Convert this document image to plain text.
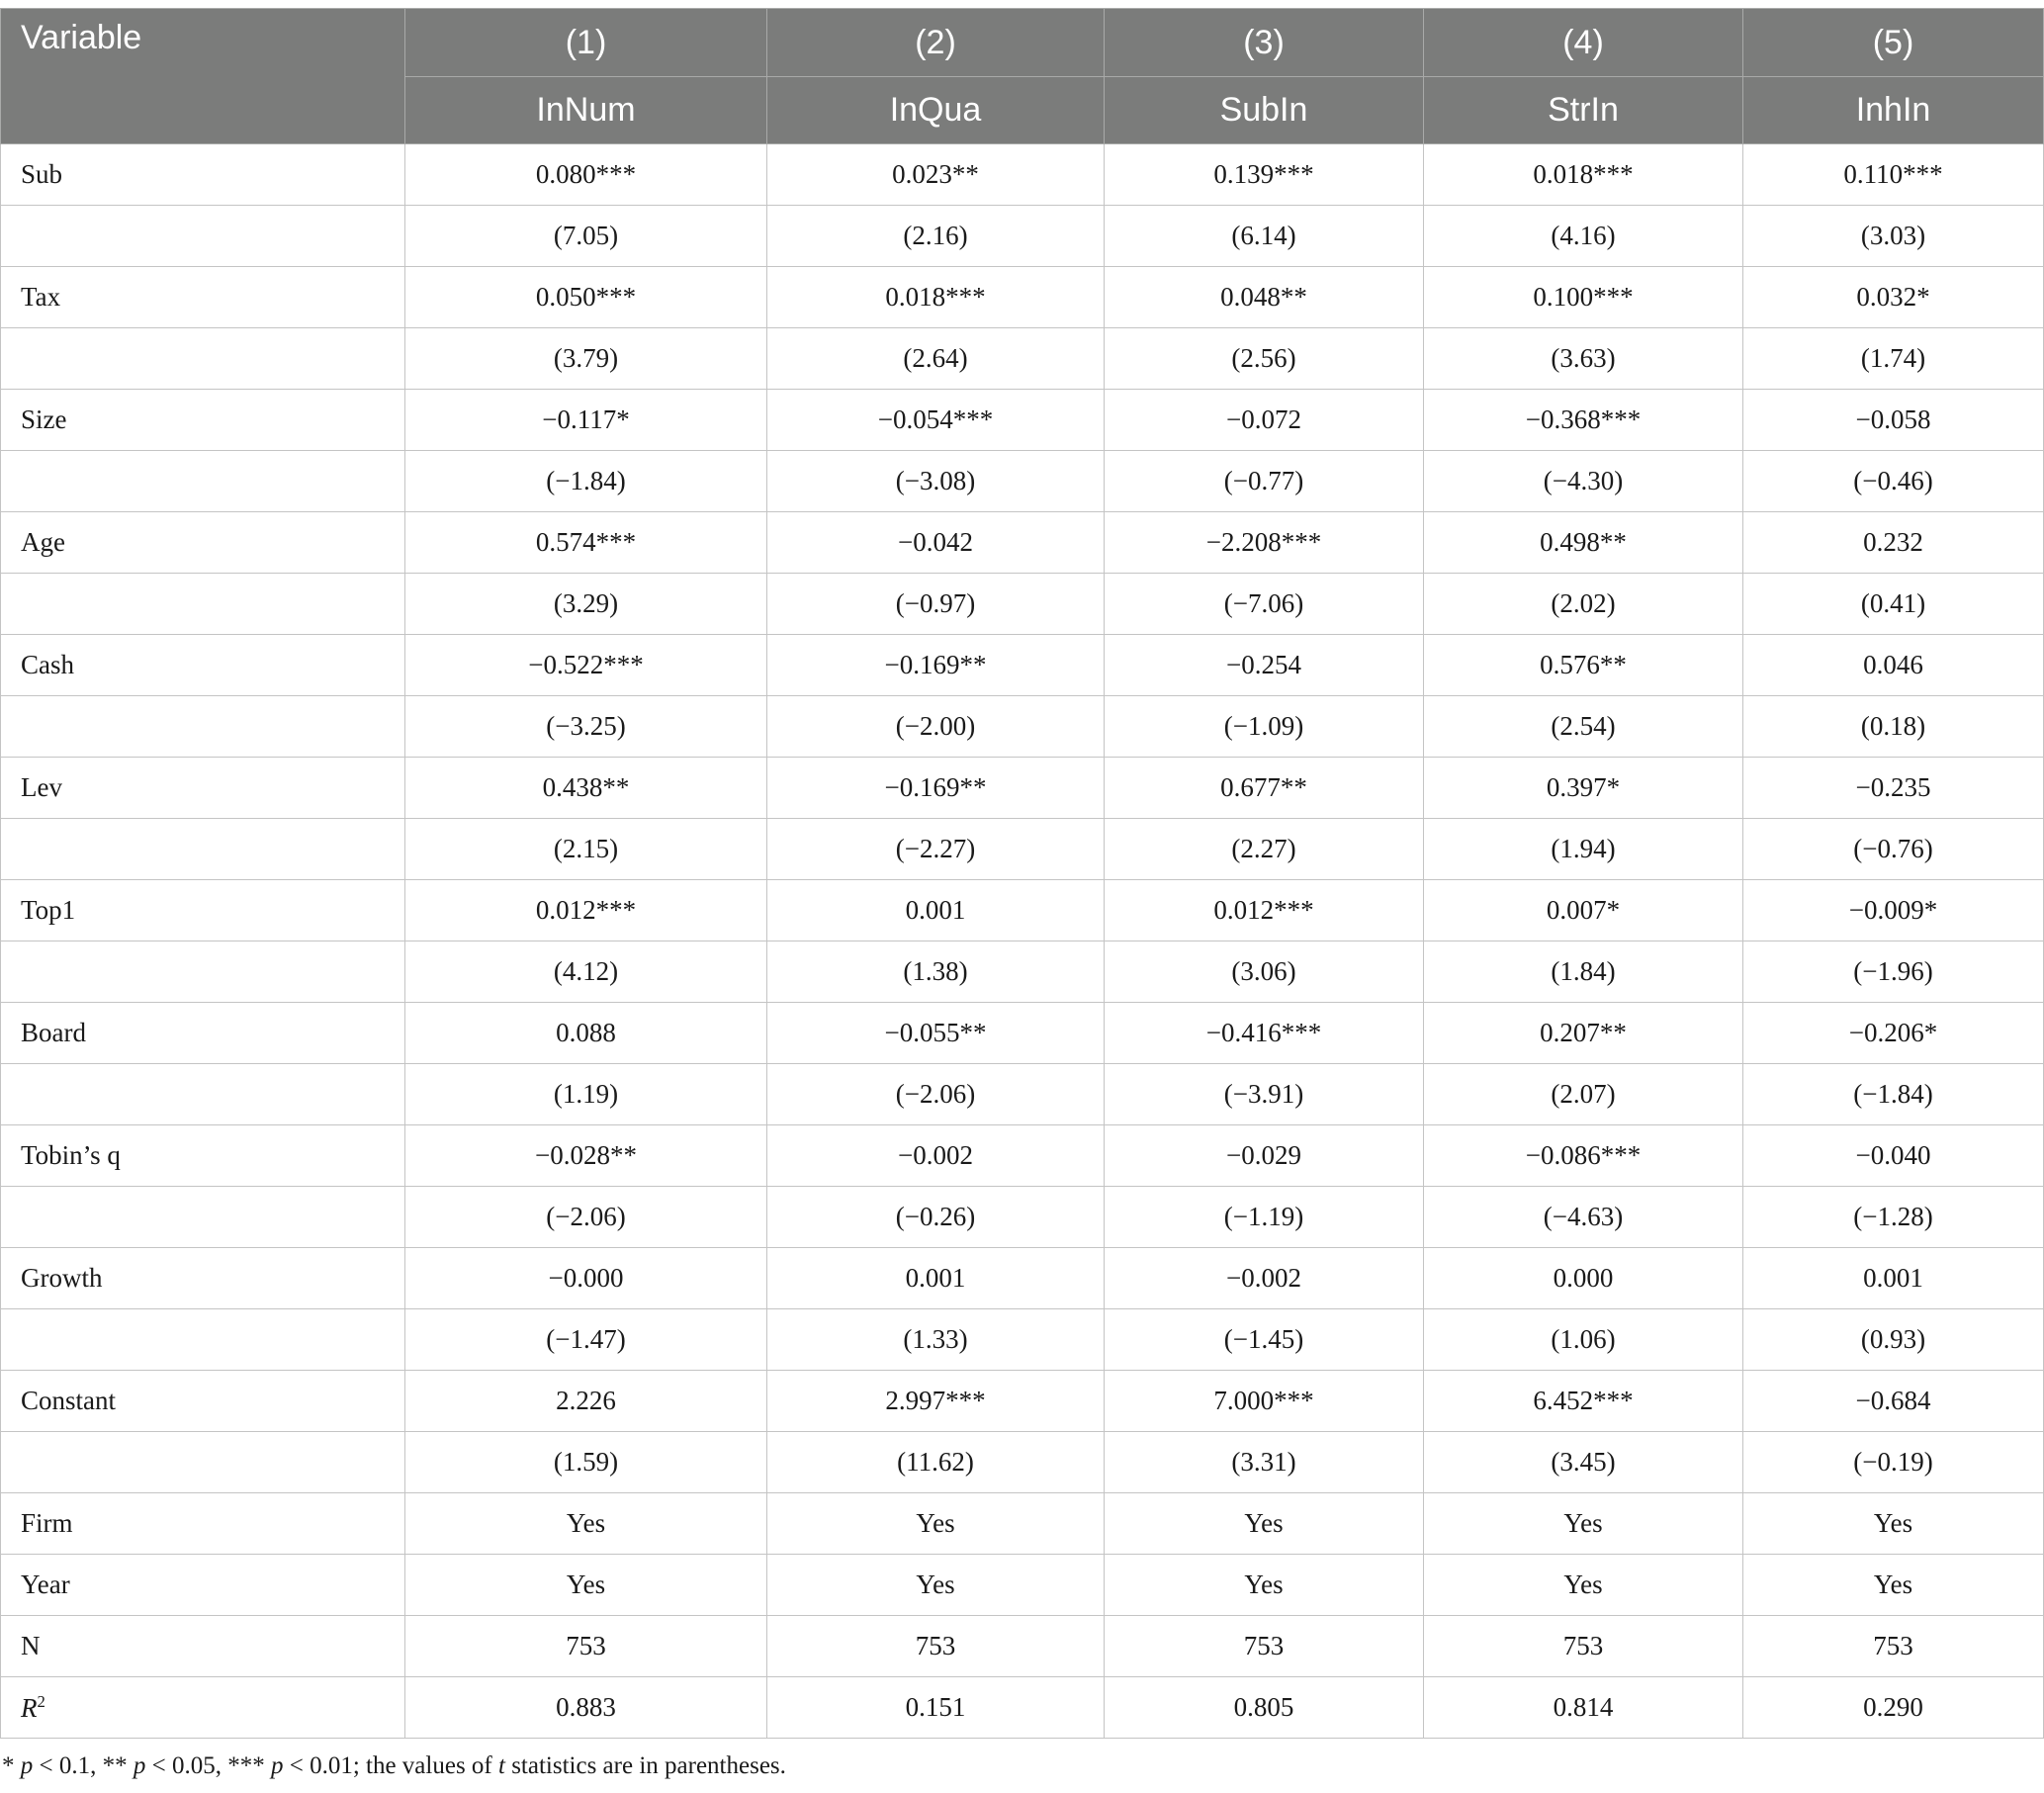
Variable	(1)	(2)	(3)	(4)	(5)
	InNum	InQua	SubIn	StrIn	InhIn
Sub	0.080***	0.023**	0.139***	0.018***	0.110***
	(7.05)	(2.16)	(6.14)	(4.16)	(3.03)
Tax	0.050***	0.018***	0.048**	0.100***	0.032*
	(3.79)	(2.64)	(2.56)	(3.63)	(1.74)
Size	−0.117*	−0.054***	−0.072	−0.368***	−0.058
	(−1.84)	(−3.08)	(−0.77)	(−4.30)	(−0.46)
Age	0.574***	−0.042	−2.208***	0.498**	0.232
	(3.29)	(−0.97)	(−7.06)	(2.02)	(0.41)
Cash	−0.522***	−0.169**	−0.254	0.576**	0.046
	(−3.25)	(−2.00)	(−1.09)	(2.54)	(0.18)
Lev	0.438**	−0.169**	0.677**	0.397*	−0.235
	(2.15)	(−2.27)	(2.27)	(1.94)	(−0.76)
Top1	0.012***	0.001	0.012***	0.007*	−0.009*
	(4.12)	(1.38)	(3.06)	(1.84)	(−1.96)
Board	0.088	−0.055**	−0.416***	0.207**	−0.206*
	(1.19)	(−2.06)	(−3.91)	(2.07)	(−1.84)
Tobin’s q	−0.028**	−0.002	−0.029	−0.086***	−0.040
	(−2.06)	(−0.26)	(−1.19)	(−4.63)	(−1.28)
Growth	−0.000	0.001	−0.002	0.000	0.001
	(−1.47)	(1.33)	(−1.45)	(1.06)	(0.93)
Constant	2.226	2.997***	7.000***	6.452***	−0.684
	(1.59)	(11.62)	(3.31)	(3.45)	(−0.19)
Firm	Yes	Yes	Yes	Yes	Yes
Year	Yes	Yes	Yes	Yes	Yes
N	753	753	753	753	753
$R^2$	0.883	0.151	0.805	0.814	0.290
* p < 0.1, ** p < 0.05, *** p < 0.01; the values of t statistics are in parentheses.
